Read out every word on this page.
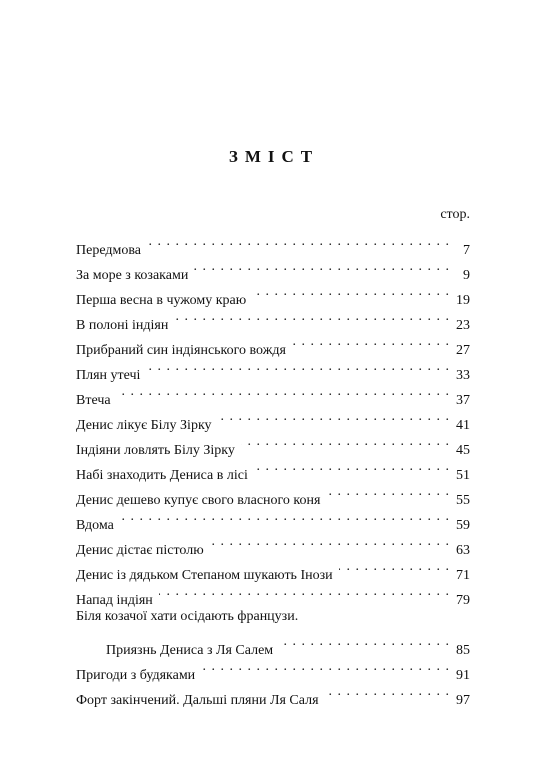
ЗМІСТ
стор.
Передмова . . .	7
За море з козаками . . .	9
Перша весна в чужому краю . . .	19
В полоні індіян . . .	23
Прибраний син індіянського вождя . . .	27
Плян утечі . . .	33
Втеча . . .	37
Денис лікує Білу Зірку . . .	41
Індіяни ловлять Білу Зірку . . .	45
Набі знаходить Дениса в лісі . . .	51
Денис дешево купує свого власного коня . . .	55
Вдома . . .	59
Денис дістає пістолю . . .	63
Денис із дядьком Степаном шукають Інози . . .	71
Напад індіян . . .	79
Біля козачої хати осідають французи.
Приязнь Дениса з Ля Салем . . .	85
Пригоди з будяками . . .	91
Форт закінчений. Дальші пляни Ля Саля . . .	97
